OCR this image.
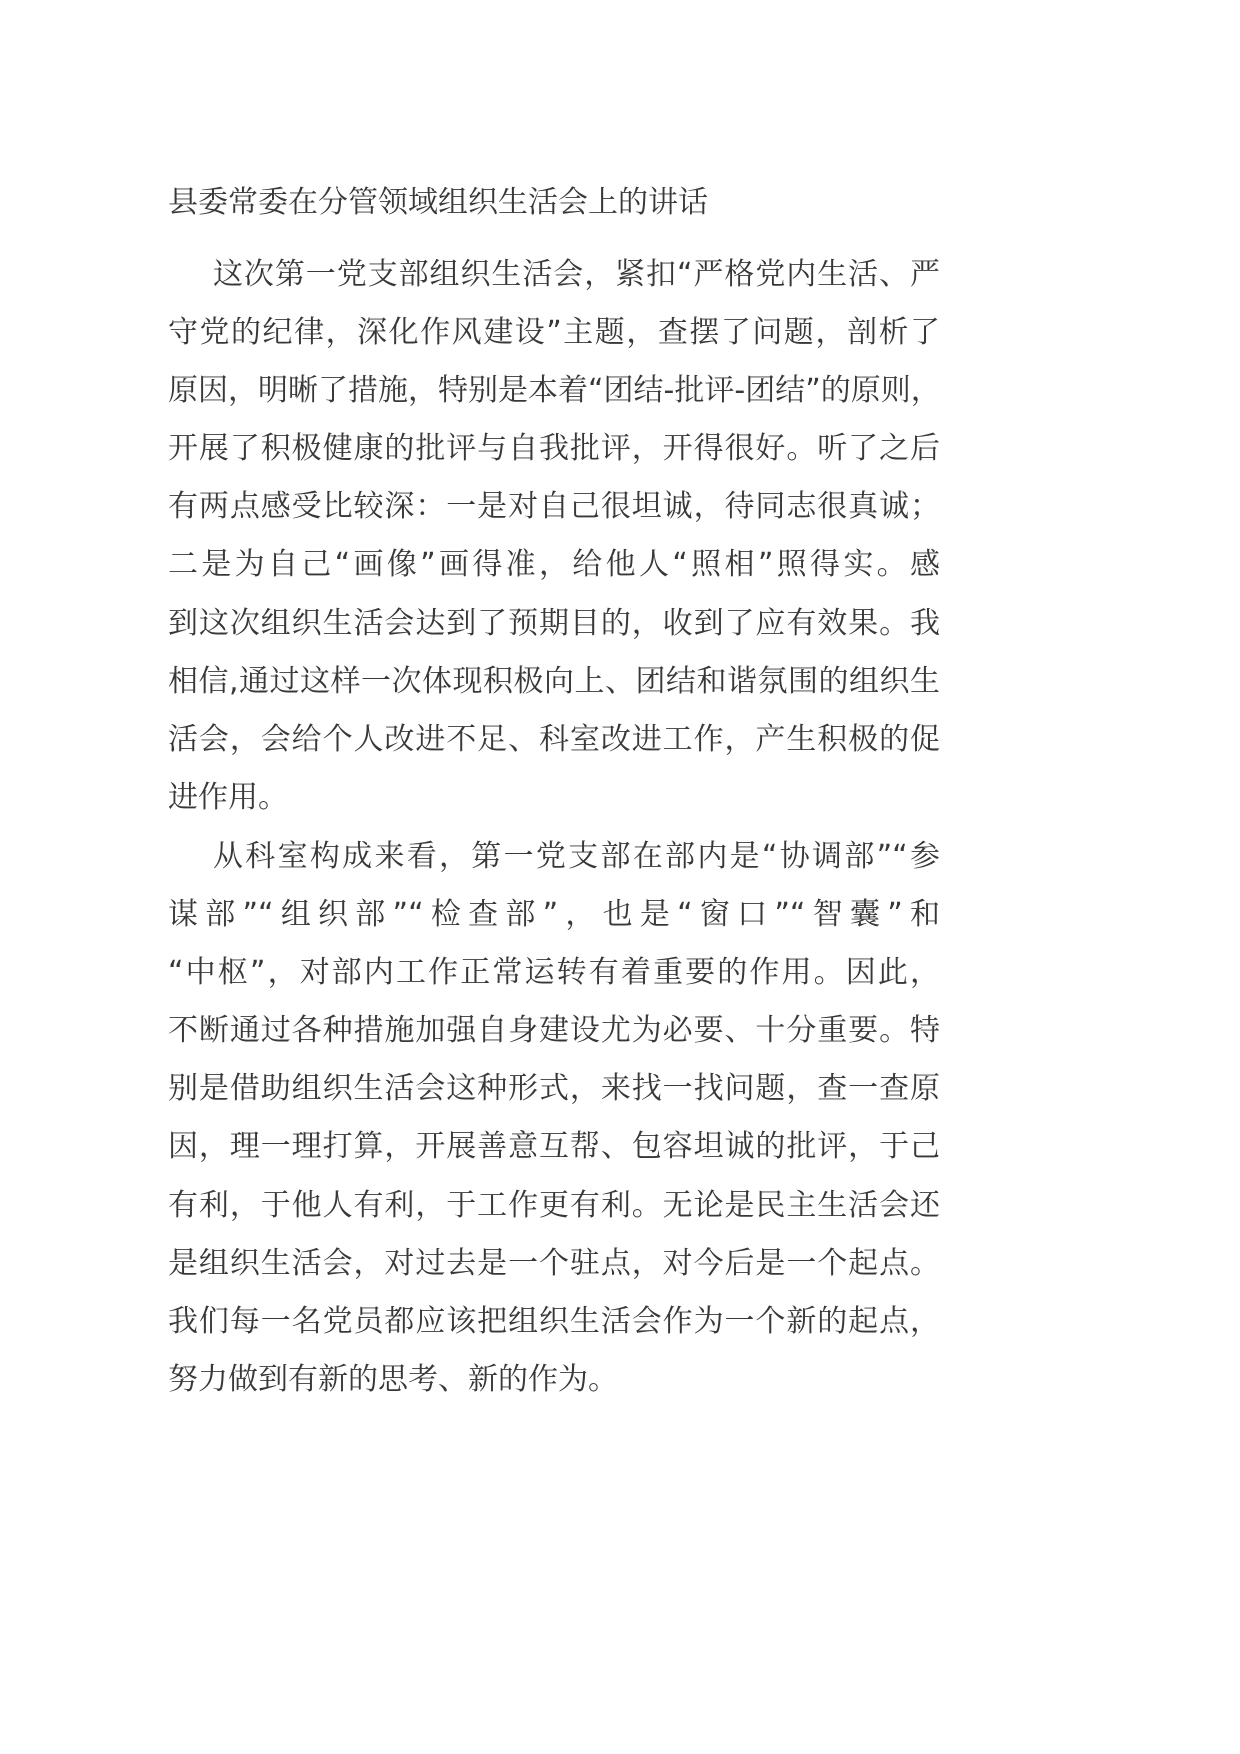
县委常委在分管领域组织生活会上的讲话
这次第一党支部组织生活会，紧扣“严格党内生活、严
守党的纪律，深化作风建设”主题，查摆了问题，剖析了
原因，明晰了措施，特别是本着“团结-批评-团结”的原则，
开展了积极健康的批评与自我批评，开得很好。听了之后
有两点感受比较深：一是对自己很坦诚，待同志很真诚；
二是为自己“画像”画得准，给他人“照相”照得实。感
到这次组织生活会达到了预期目的，收到了应有效果。我
相信,通过这样一次体现积极向上、团结和谐氛围的组织生
活会，会给个人改进不足、科室改进工作，产生积极的促
进作用。
从科室构成来看，第一党支部在部内是“协调部”“参
谋部”“组织部”“检查部”，也是“窗口”“智囊”和
“中枢”，对部内工作正常运转有着重要的作用。因此，
不断通过各种措施加强自身建设尤为必要、十分重要。特
别是借助组织生活会这种形式，来找一找问题，查一查原
因，理一理打算，开展善意互帮、包容坦诚的批评，于己
有利，于他人有利，于工作更有利。无论是民主生活会还
是组织生活会，对过去是一个驻点，对今后是一个起点。
我们每一名党员都应该把组织生活会作为一个新的起点，
努力做到有新的思考、新的作为。
